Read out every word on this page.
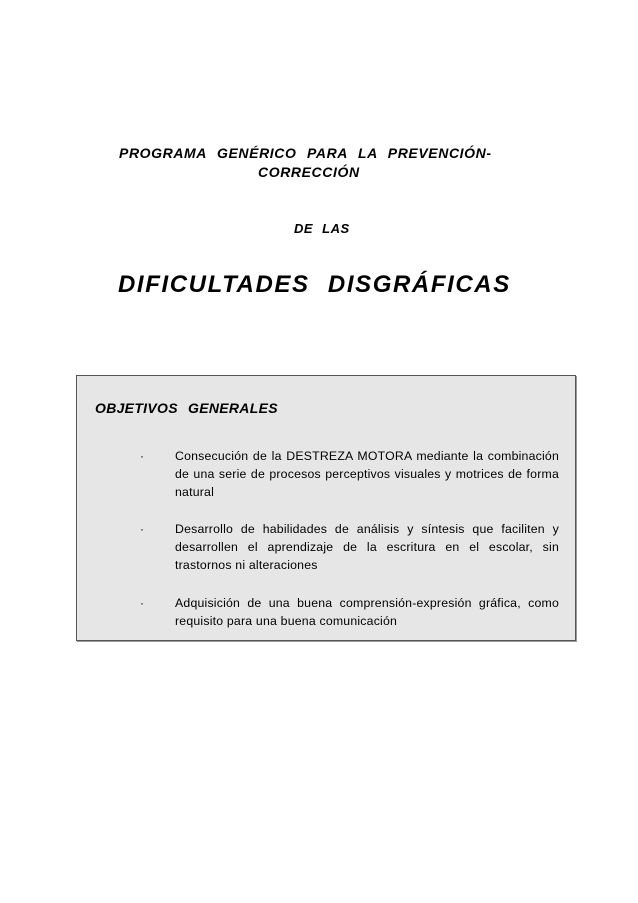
PROGRAMA GENÉRICO PARA LA PREVENCIÓN-

CORRECCIÓN

DE LAS

DIFICULTADES DISGRÁFICAS
OBJETIVOS GENERALES
·	Consecución de la DESTREZA MOTORA mediante la combinación de una serie de procesos perceptivos visuales y motrices de forma natural

·	Desarrollo de habilidades de análisis y síntesis que faciliten y desarrollen el aprendizaje de la escritura en el escolar, sin trastornos ni alteraciones

·	Adquisición de una buena comprensión-expresión gráfica, como requisito para una buena comunicación
